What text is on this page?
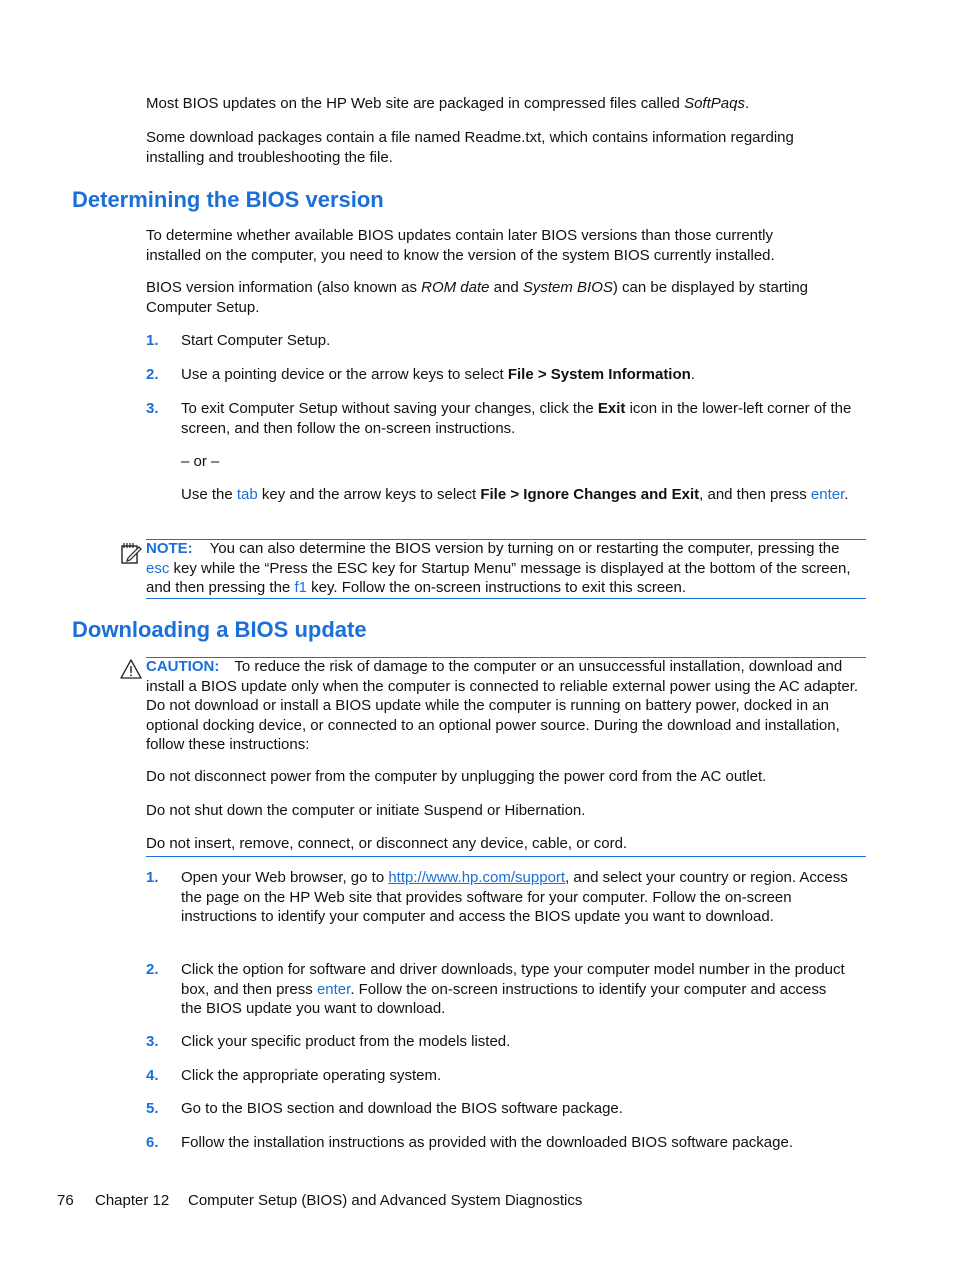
Most BIOS updates on the HP Web site are packaged in compressed files called SoftPaqs.

Some download packages contain a file named Readme.txt, which contains information regarding installing and troubleshooting the file.

Determining the BIOS version

To determine whether available BIOS updates contain later BIOS versions than those currently installed on the computer, you need to know the version of the system BIOS currently installed.

BIOS version information (also known as ROM date and System BIOS) can be displayed by starting Computer Setup.

1. Start Computer Setup.

2. Use a pointing device or the arrow keys to select File > System Information.

3. To exit Computer Setup without saving your changes, click the Exit icon in the lower-left corner of the screen, and then follow the on-screen instructions.

– or –

Use the tab key and the arrow keys to select File > Ignore Changes and Exit, and then press enter.

NOTE: You can also determine the BIOS version by turning on or restarting the computer, pressing the esc key while the “Press the ESC key for Startup Menu” message is displayed at the bottom of the screen, and then pressing the f1 key. Follow the on-screen instructions to exit this screen.

Downloading a BIOS update

CAUTION: To reduce the risk of damage to the computer or an unsuccessful installation, download and install a BIOS update only when the computer is connected to reliable external power using the AC adapter. Do not download or install a BIOS update while the computer is running on battery power, docked in an optional docking device, or connected to an optional power source. During the download and installation, follow these instructions:

Do not disconnect power from the computer by unplugging the power cord from the AC outlet.

Do not shut down the computer or initiate Suspend or Hibernation.

Do not insert, remove, connect, or disconnect any device, cable, or cord.

1. Open your Web browser, go to http://www.hp.com/support, and select your country or region. Access the page on the HP Web site that provides software for your computer. Follow the on-screen instructions to identify your computer and access the BIOS update you want to download.

2. Click the option for software and driver downloads, type your computer model number in the product box, and then press enter. Follow the on-screen instructions to identify your computer and access the BIOS update you want to download.

3. Click your specific product from the models listed.

4. Click the appropriate operating system.

5. Go to the BIOS section and download the BIOS software package.

6. Follow the installation instructions as provided with the downloaded BIOS software package.

76 Chapter 12 Computer Setup (BIOS) and Advanced System Diagnostics
